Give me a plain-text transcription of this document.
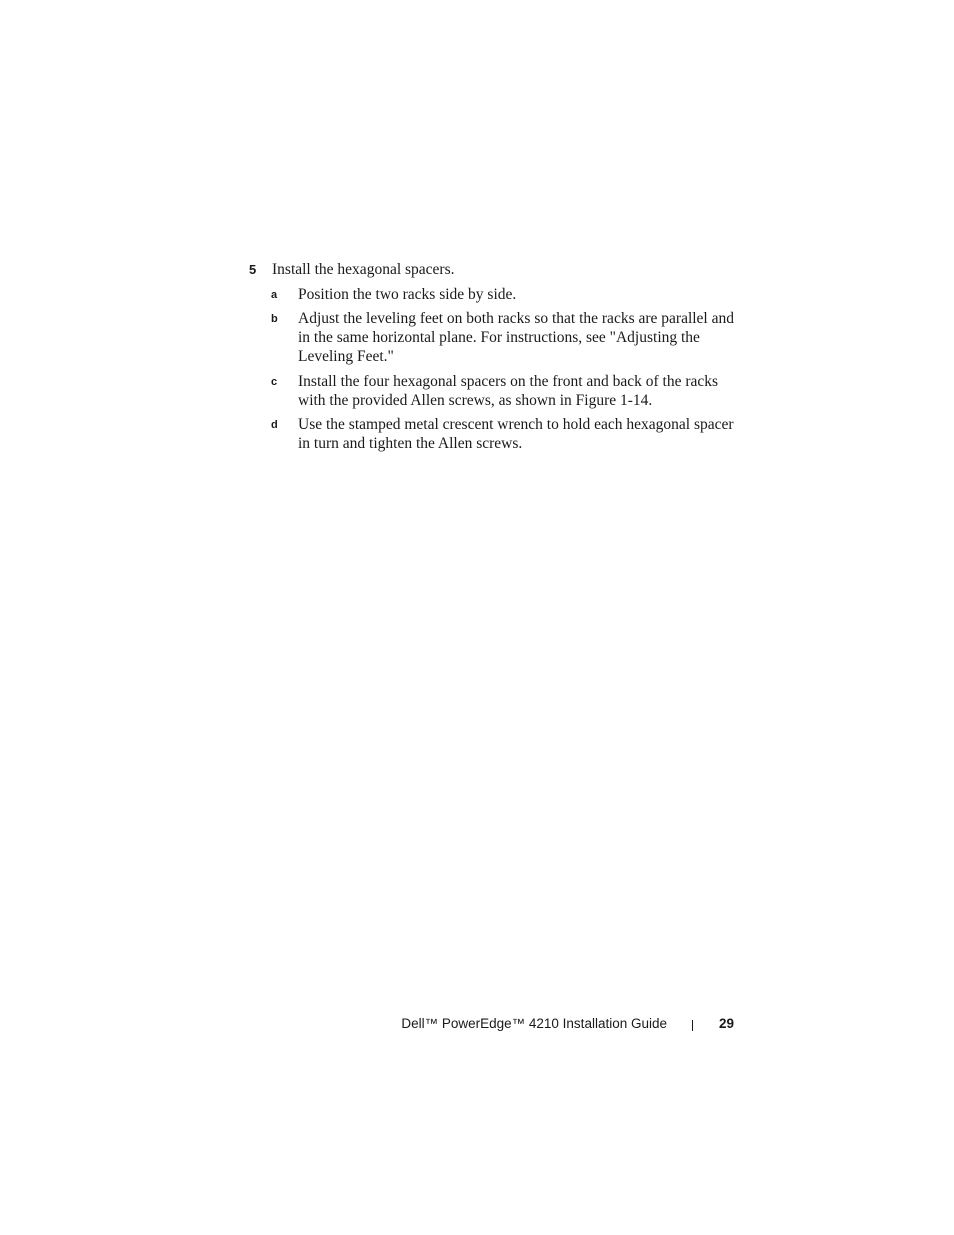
5 Install the hexagonal spacers.
a Position the two racks side by side.
b Adjust the leveling feet on both racks so that the racks are parallel and
in the same horizontal plane. For instructions, see "Adjusting the
Leveling Feet."
c Install the four hexagonal spacers on the front and back of the racks
with the provided Allen screws, as shown in Figure 1-14.
d Use the stamped metal crescent wrench to hold each hexagonal spacer
in turn and tighten the Allen screws.
Dell™ PowerEdge™ 4210 Installation Guide	29
